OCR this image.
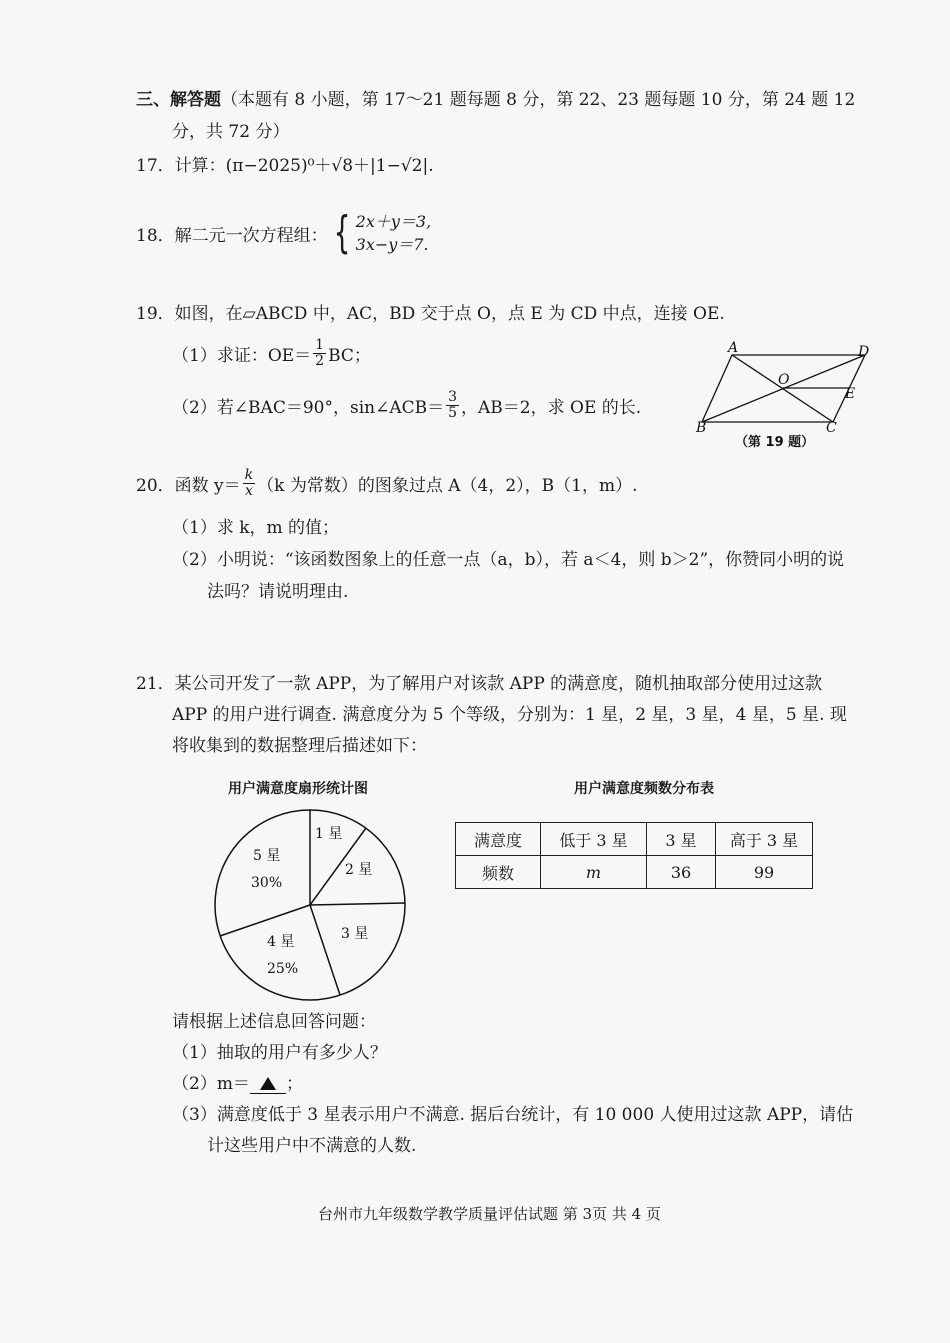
三、解答题（本题有 8 小题，第 17～21 题每题 8 分，第 22、23 题每题 10 分，第 24 题 12
分，共 72 分）
17．计算：(π−2025)⁰＋√8＋|1−√2|.
18． 解二元一次方程组： { 2x＋y＝3,
3x−y＝7.
19．如图，在▱ABCD 中，AC，BD 交于点 O，点 E 为 CD 中点，连接 OE.
（1）求证：$OE= \frac{1}{2}$ BC；
（2）若∠BAC＝90°，sin∠ACB＝ $\frac{3}{5}$ ，AB＝2，求 OE 的长.
A	D
O
E
B	C
（第 19 题）
20． 函数 $y= \frac{k}{x} (k$ 为常数）的图象过点 A（4，2），B（1，m）.
（1）求 k，m 的值；
（2）小明说：“该函数图象上的任意一点（a，b），若 a＜4，则 b＞2”，你赞同小明的说
法吗？请说明理由.
21．某公司开发了一款 APP，为了解用户对该款 APP 的满意度，随机抽取部分使用过这款
APP 的用户进行调查. 满意度分为 5 个等级，分别为：1 星，2 星，3 星，4 星，5 星. 现
将收集到的数据整理后描述如下：
用户满意度扇形统计图
1 星
2 星
3 星
4 星
25%
5 星
30%
用户满意度频数分布表
满意度	低于 3 星	3 星	高于 3 星
频数	m	36	99
请根据上述信息回答问题：
（1）抽取的用户有多少人？
（2）m＝ ；
（3）满意度低于 3 星表示用户不满意. 据后台统计，有 10 000 人使用过这款 APP，请估
计这些用户中不满意的人数.
台州市九年级数学教学质量评估试题 第 3页 共 4 页
